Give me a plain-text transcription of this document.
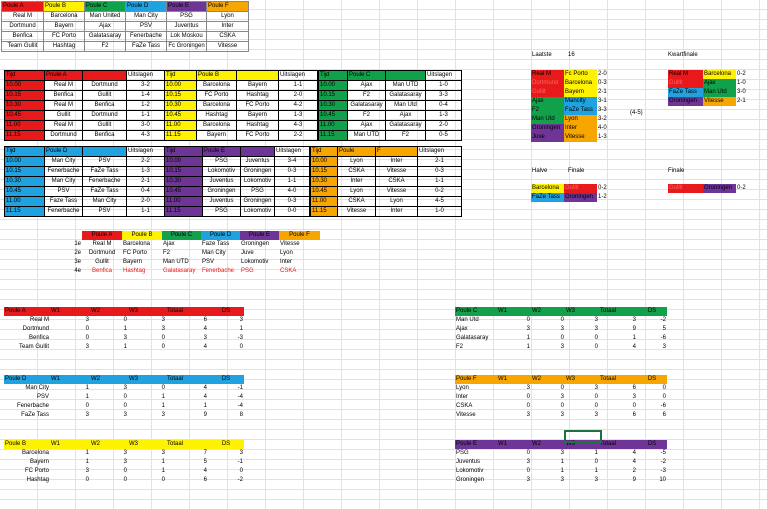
Poule A	Poule B	Poule C	Poule D	Poule E	Poule F
Real M	Barcelona	Man United	Man City	PSG	Lyon
Dortmund	Bayern	Ajax	PSV	Juventus	Inter
Benfica	FC Porto	Galatasaray	Fenerbache	Lok Moskou	CSKA
Team Gullit	Hashtag	F2	FaZe Tass	Fc Groningen	Vitesse
Tijd	Poule A		Uitslagen
10.00	Real M	Dortmund	3-2
10.15	Benfica	Gullit	1-4
10.30	Real M	Benfica	1-2
10.45	Gullit	Dortmund	1-1
11.00	Real M	Gullit	3-0
11.15	Dortmund	Benfica	4-3
Tijd	Poule B		Uitslagen
10.00	Barcelona	Bayern	1-1
10.15	FC Porto	Hashtag	2-0
10.30	Barcelona	FC Porto	4-2
10.45	Hashtag	Bayern	1-3
11.00	Barcelona	Hashtag	4-3
11.15	Bayern	FC Porto	2-2
Tijd	Poule C		Uitslagen
10.00	Ajax	Man UTD	1-0
10.15	F2	Galatasaray	3-3
10.30	Galatasaray	Man Utd	0-4
10.45	F2	Ajax	1-3
11.00	Ajax	Galatasaray	2-0
11.15	Man UTD	F2	0-5
Tijd	Poule D		Uitslagen
10.00	Man City	PSV	2-2
10.15	Fenerbache	FaZe Tass	1-3
10.30	Man City	Fenerbache	2-1
10.45	PSV	FaZe Tass	0-4
11.00	Faze Tass	Man City	2-0
11.15	Fenerbache	PSV	1-1
Tijd	Poule E		Uitslagen
10.00	PSG	Juventus	3-4
10.15	Lokomotiv	Groningen	0-3
10.30	Juventus	Lokomotiv	1-1
10.45	Groningen	PSG	4-0
11.00	Juventus	Groningen	0-3
11.15	PSG	Lokomotiv	0-0
Tijd	Poule	F	Uitslagen
10.00	Lyon	Inter	2-1
10.15	CSKA	Vitesse	0-3
10.30	Inter	CSKA	1-1
10.45	Lyon	Vitesse	0-2
11.00	CSKA	Lyon	4-5
11.15	Vitesse	Inter	1-0
Laatste	16	Kwartfinale
Real M	Fc Porto	2-0
Dortmund	Barcelona	0-3
Gullit	Bayern	2-1
Ajax	Mancity	3-1
F2	FaZe Tass	3-3
Man Utd	Lyon	3-2
Groningen	Inter	4-0
Juve	Vitesse	1-3
(4-5)
Real M	Barcelona	0-2
Gullit	Ajax	1-0
FaZe Tass	Man Utd	3-0
Groningen	Vitesse	2-1
Halve	Finale	Finale
Barcelona	Gullit	0-2
FaZe Tass	Groningen	1-2
Gullit	Groningen	0-2
	Poule A	Poule B	Poule C	Poule D	Poule E	Poule F
1e	Real M	Barcelona	Ajax	Faze Tass	Groningen	Vitesse
2e	Dortmund	FC Porto	F2	Man City	Juve	Lyon
3e	Gullit	Bayern	Man UTD	PSV	Lokomotiv	Inter
4e	Benfica	Hashtag	Galatasaray	Fenerbache	PSG	CSKA
Poule A	W1	W2	W3	Totaal	DS
Real M	3	0	3	6	3
Dortmund	0	1	3	4	1
Benfica	0	3	0	3	-3
Team Gullit	3	1	0	4	0
Poule D	W1	W2	W3	Totaal	DS
Man City	1	3	0	4	-1
PSV	1	0	1	4	-4
Fenerbache	0	0	1	1	-4
FaZe Tass	3	3	3	9	8
Poule B	W1	W2	W3	Totaal	DS
Barcelona	1	3	3	7	3
Bayern	1	3	1	5	-1
FC Porto	3	0	1	4	0
Hashtag	0	0	0	6	-2
Poule C	W1	W2	W3	Totaal	DS
Man Utd	0	0	3	3	-2
Ajax	3	3	3	9	5
Galatasaray	1	0	0	1	-6
F2	1	3	0	4	3
Poule F	W1	W2	W3	Totaal	DS
Lyon	3	0	3	6	0
Inter	0	3	0	3	0
CSKA	0	0	0	0	-6
Vitesse	3	3	3	6	6
Poule E	W1	W2	W3	Totaal	DS
PSG	0	3	1	4	-5
Juventus	3	1	0	4	-2
Lokomotiv	0	1	1	2	-3
Groningen	3	3	3	9	10
